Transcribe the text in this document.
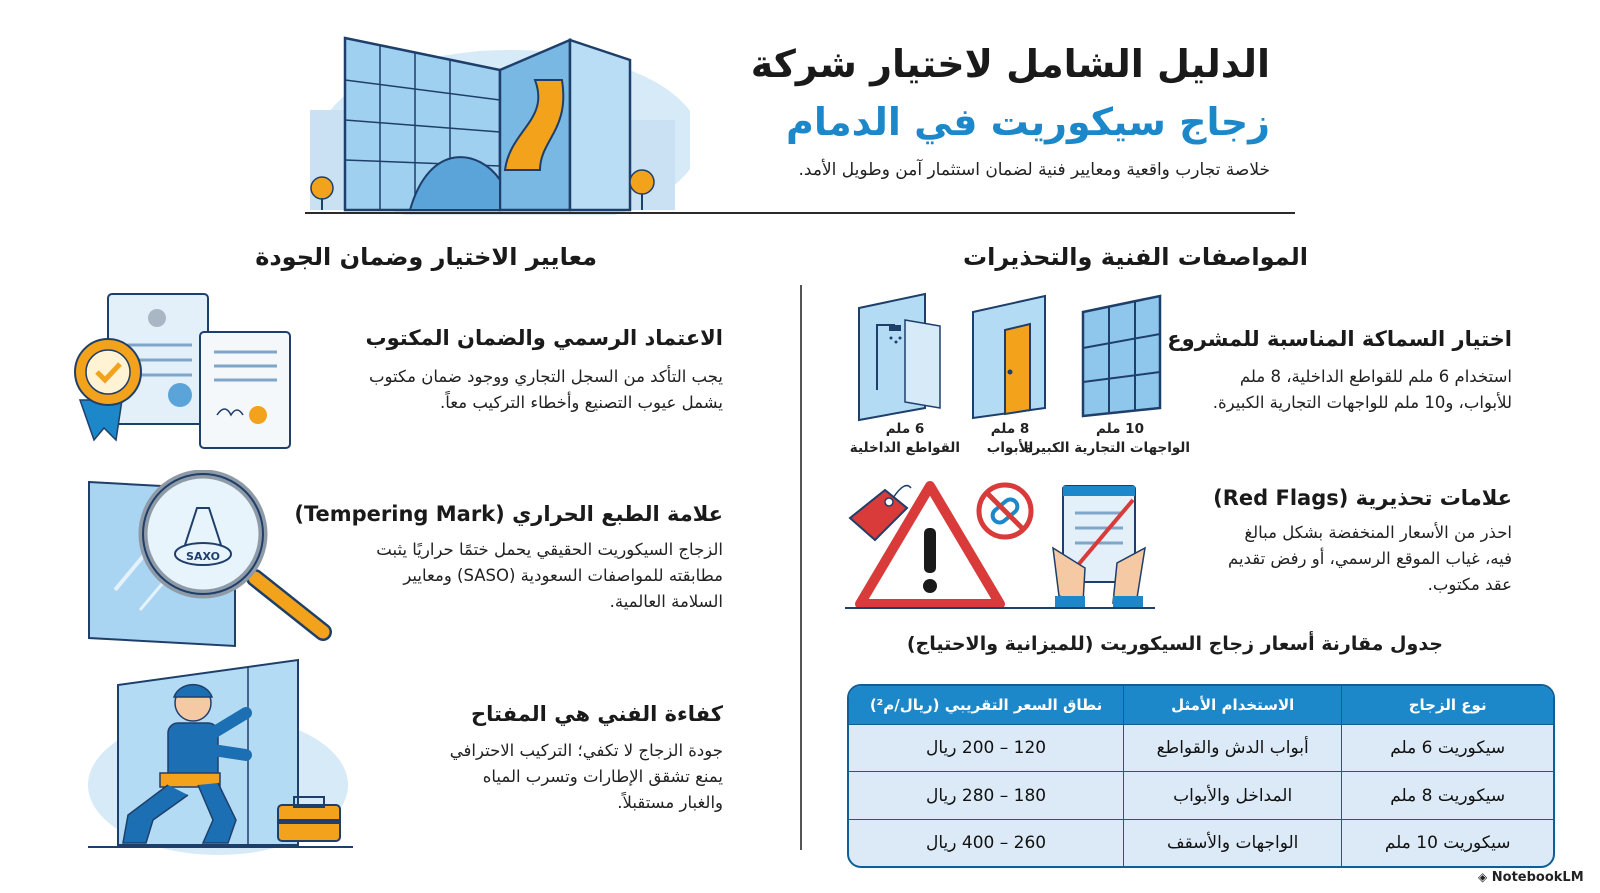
الدليل الشامل لاختيار شركة
زجاج سيكوريت في الدمام
خلاصة تجارب واقعية ومعايير فنية لضمان استثمار آمن وطويل الأمد.
المواصفات الفنية والتحذيرات
معايير الاختيار وضمان الجودة
الاعتماد الرسمي والضمان المكتوب
يجب التأكد من السجل التجاري ووجود ضمان مكتوب
يشمل عيوب التصنيع وأخطاء التركيب معاً.
SAXO
علامة الطبع الحراري (Tempering Mark)
الزجاج السيكوريت الحقيقي يحمل ختمًا حراريًا يثبت
مطابقته للمواصفات السعودية (SASO) ومعايير
السلامة العالمية.
كفاءة الفني هي المفتاح
جودة الزجاج لا تكفي؛ التركيب الاحترافي
يمنع تشقق الإطارات وتسرب المياه
والغبار مستقبلاً.
10 ملم
الواجهات التجارية الكبيرة
8 ملم
الأبواب
6 ملم
القواطع الداخلية
اختيار السماكة المناسبة للمشروع
استخدام 6 ملم للقواطع الداخلية، 8 ملم
للأبواب، و10 ملم للواجهات التجارية الكبيرة.
علامات تحذيرية (Red Flags)
احذر من الأسعار المنخفضة بشكل مبالغ
فيه، غياب الموقع الرسمي، أو رفض تقديم
عقد مكتوب.
جدول مقارنة أسعار زجاج السيكوريت (للميزانية والاحتياج)
نوع الزجاج	الاستخدام الأمثل	نطاق السعر التقريبي (ريال/م²)
سيكوريت 6 ملم	أبواب الدش والقواطع	120 – 200 ريال
سيكوريت 8 ملم	المداخل والأبواب	180 – 280 ريال
سيكوريت 10 ملم	الواجهات والأسقف	260 – 400 ريال
◈ NotebookLM
